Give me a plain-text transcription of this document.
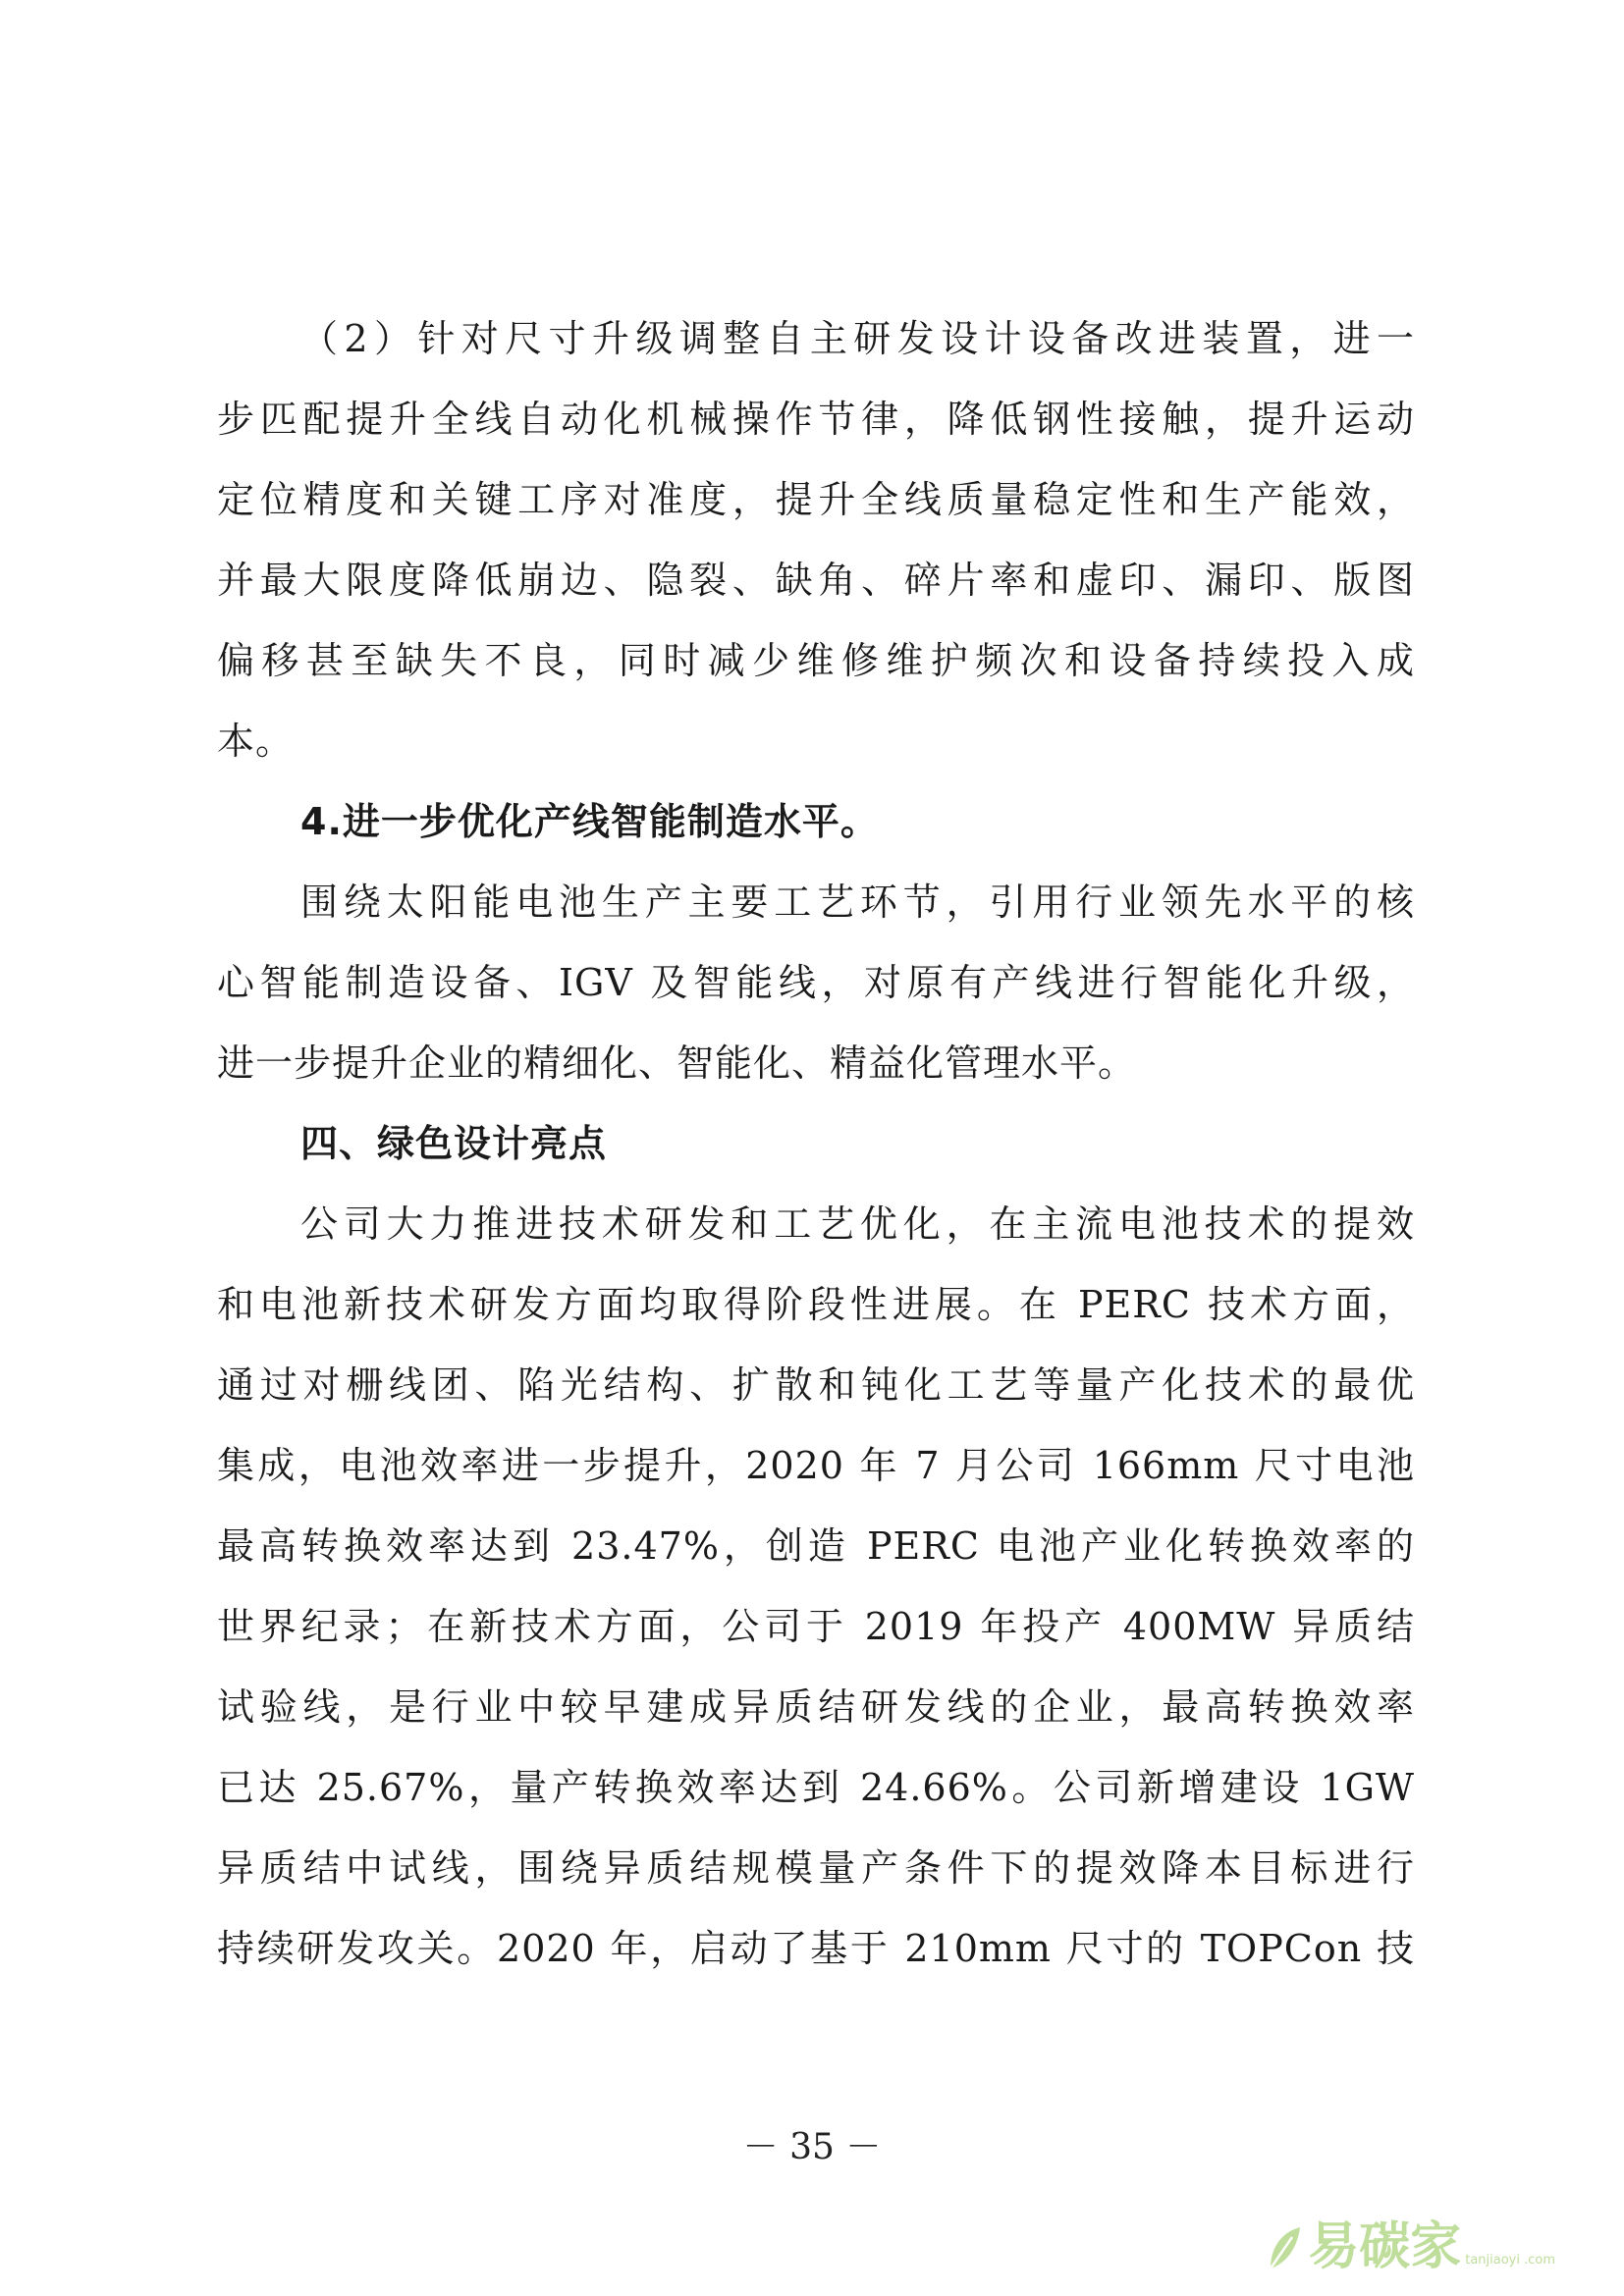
（2）针对尺寸升级调整自主研发设计设备改进装置，进一
步匹配提升全线自动化机械操作节律，降低钢性接触，提升运动
定位精度和关键工序对准度，提升全线质量稳定性和生产能效，
并最大限度降低崩边、隐裂、缺角、碎片率和虚印、漏印、版图
偏移甚至缺失不良，同时减少维修维护频次和设备持续投入成
本。
4.进一步优化产线智能制造水平。
围绕太阳能电池生产主要工艺环节，引用行业领先水平的核
心智能制造设备、IGV 及智能线，对原有产线进行智能化升级，
进一步提升企业的精细化、智能化、精益化管理水平。
四、绿色设计亮点
公司大力推进技术研发和工艺优化，在主流电池技术的提效
和电池新技术研发方面均取得阶段性进展。在 PERC 技术方面，
通过对栅线团、陷光结构、扩散和钝化工艺等量产化技术的最优
集成，电池效率进一步提升，2020 年 7 月公司 166mm 尺寸电池
最高转换效率达到 23.47%，创造 PERC 电池产业化转换效率的
世界纪录；在新技术方面，公司于 2019 年投产 400MW 异质结
试验线，是行业中较早建成异质结研发线的企业，最高转换效率
已达 25.67%，量产转换效率达到 24.66%。公司新增建设 1GW
异质结中试线，围绕异质结规模量产条件下的提效降本目标进行
持续研发攻关。2020 年，启动了基于 210mm 尺寸的 TOPCon 技
－ 35 －
易碳家 tanjiaoyi .com
